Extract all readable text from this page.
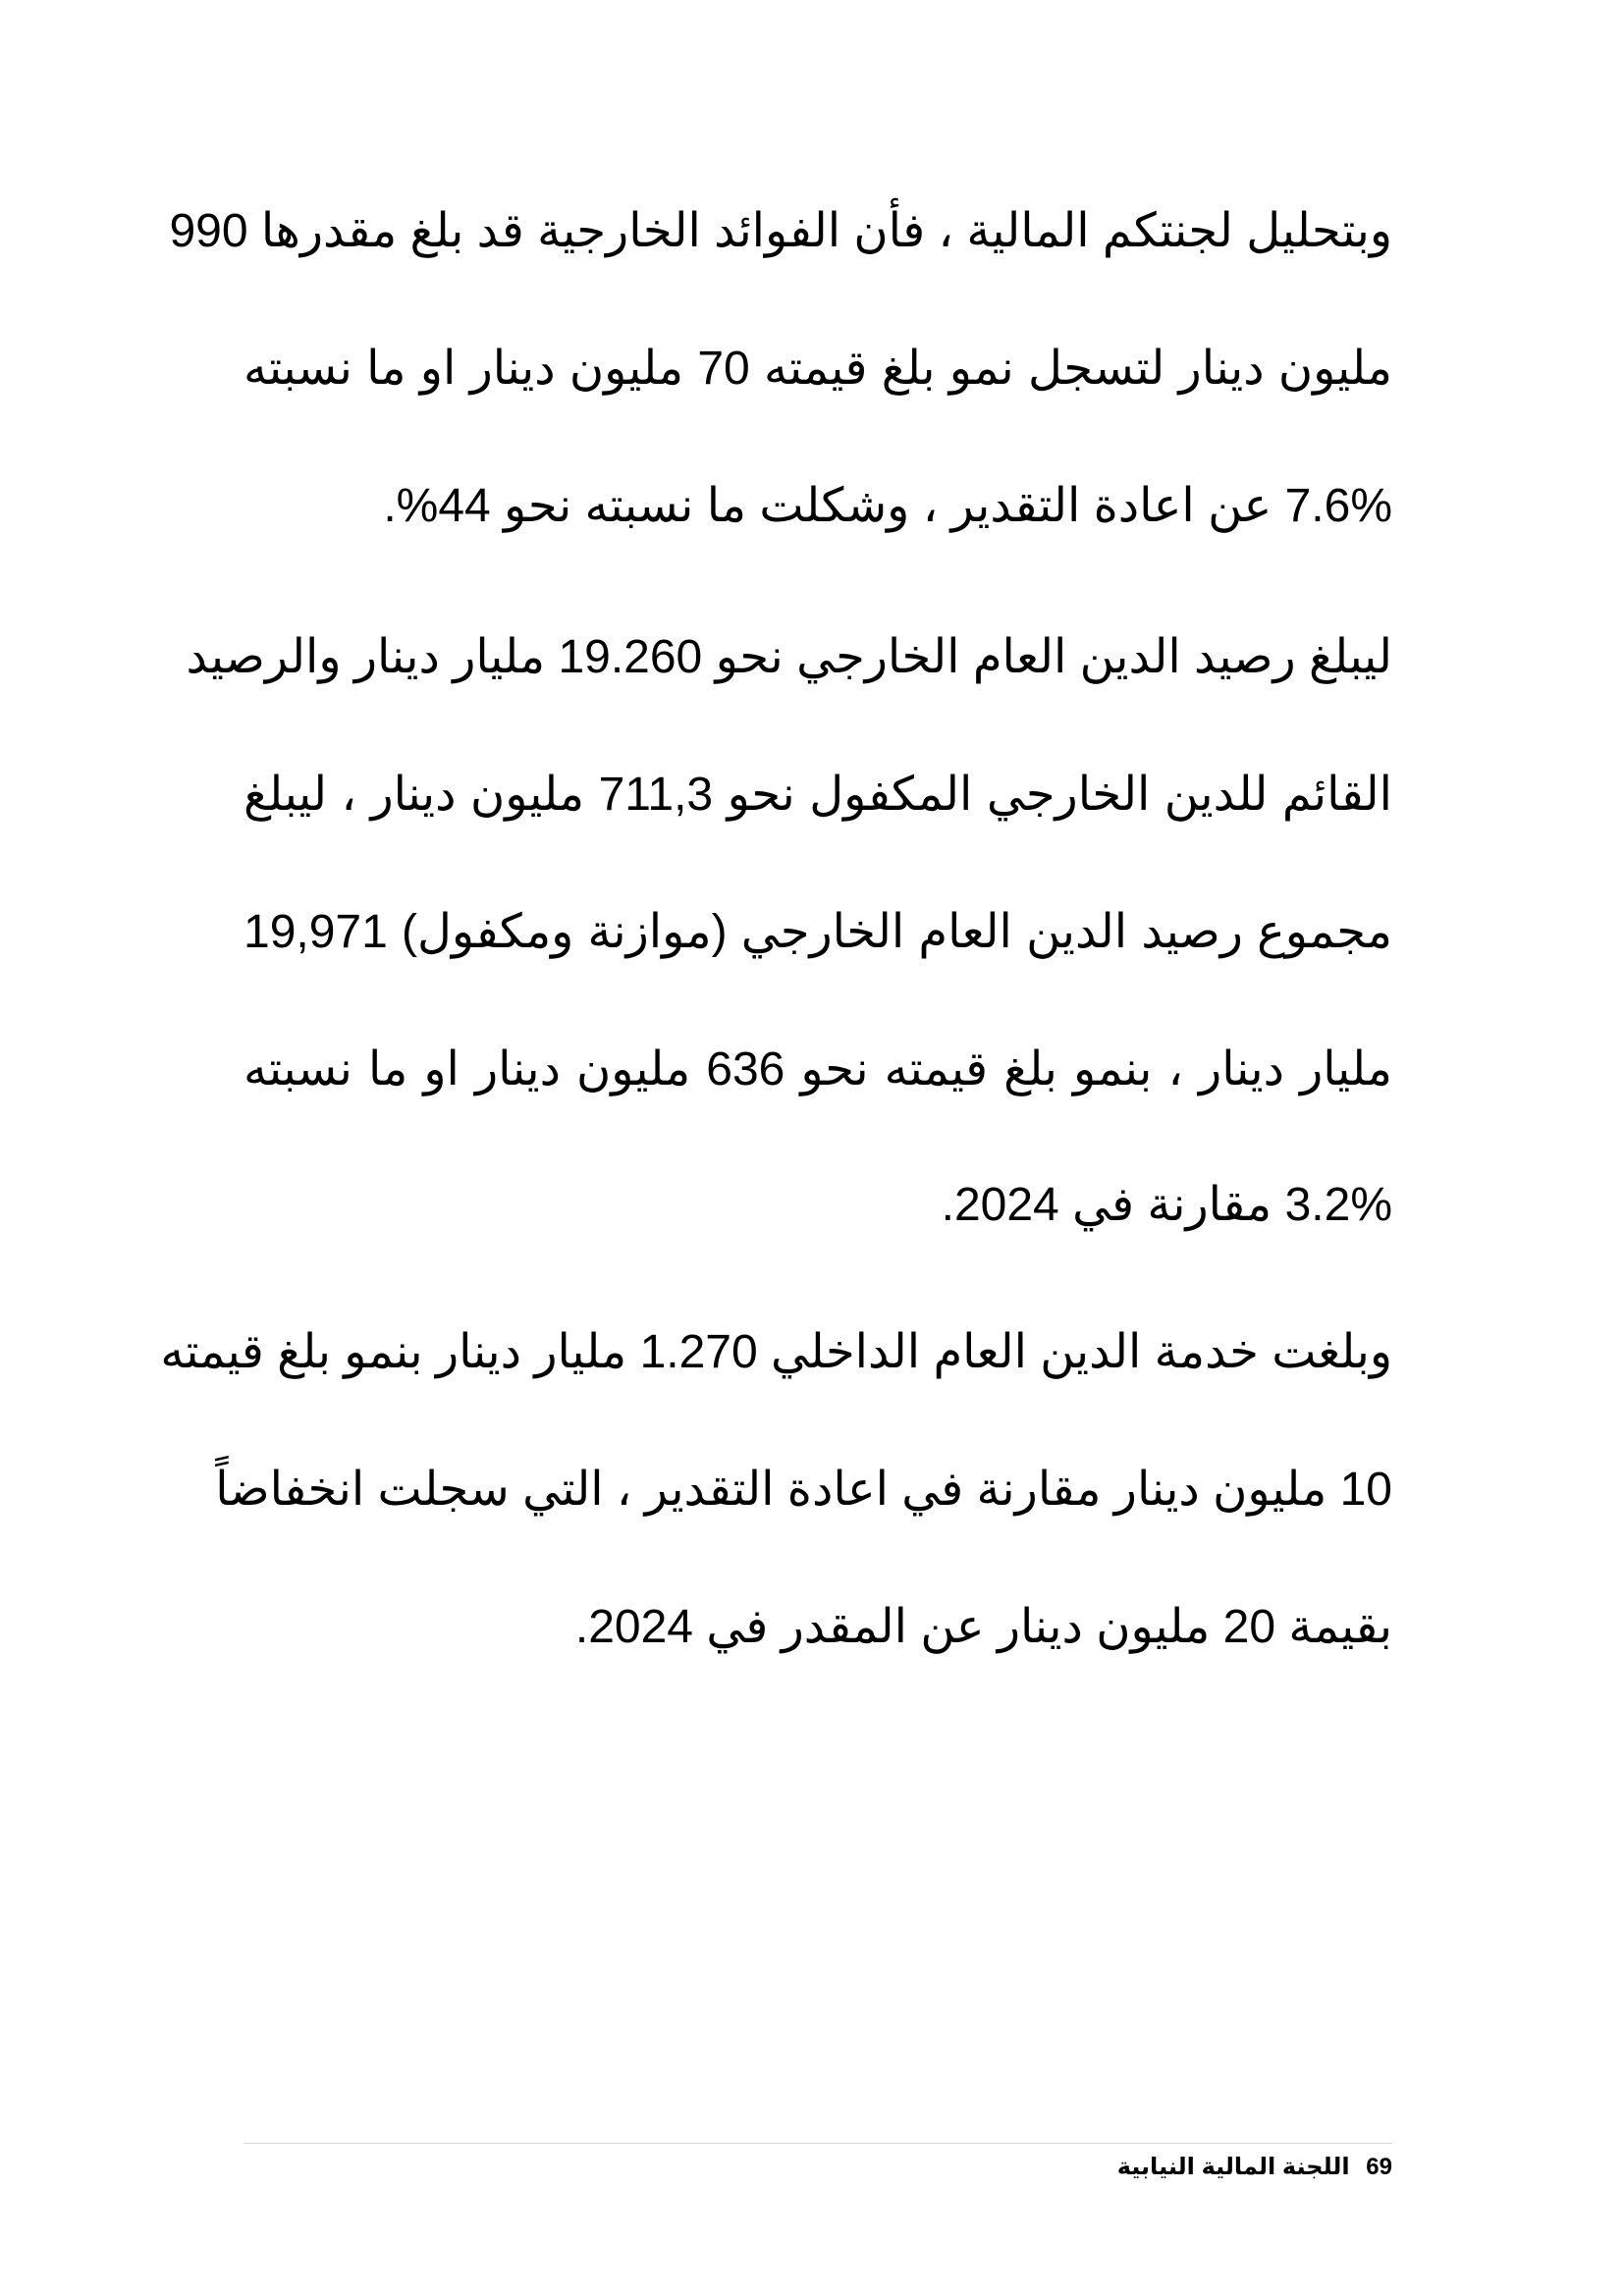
وبتحليل لجنتكم المالية ، فأن الفوائد الخارجية قد بلغ مقدرها 990
مليون دينار لتسجل نمو بلغ قيمته 70 مليون دينار او ما نسبته
7.6% عن اعادة التقدير ، وشكلت ما نسبته نحو 44%.
ليبلغ رصيد الدين العام الخارجي نحو 19.260 مليار دينار والرصيد
القائم للدين الخارجي المكفول نحو 711,3 مليون دينار ، ليبلغ
مجموع رصيد الدين العام الخارجي (موازنة ومكفول) 19,971
مليار دينار ، بنمو بلغ قيمته نحو 636 مليون دينار او ما نسبته
3.2% مقارنة في 2024.
وبلغت خدمة الدين العام الداخلي 1.270 مليار دينار بنمو بلغ قيمته
10 مليون دينار مقارنة في اعادة التقدير ، التي سجلت انخفاضاً
بقيمة 20 مليون دينار عن المقدر في 2024.
69 اللجنة المالية النيابية
